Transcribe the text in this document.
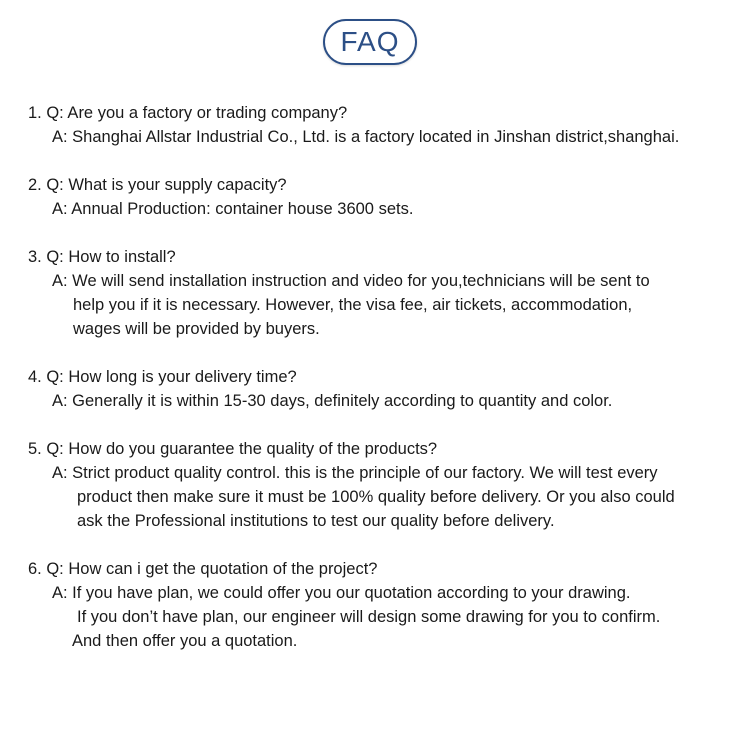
FAQ
1. Q: Are you a factory or trading company?
A: Shanghai Allstar Industrial Co., Ltd. is a factory located in Jinshan district,shanghai.
2. Q: What is your supply capacity?
A: Annual Production: container house 3600 sets.
3. Q: How to install?
A: We will send installation instruction and video for you,technicians will be sent to
help you if it is necessary. However, the visa fee, air tickets, accommodation,
wages will be provided by buyers.
4. Q: How long is your delivery time?
A: Generally it is within 15-30 days, definitely according to quantity and color.
5. Q: How do you guarantee the quality of the products?
A: Strict product quality control. this is the principle of our factory. We will test every
product then make sure it must be 100% quality before delivery. Or you also could
ask the Professional institutions to test our quality before delivery.
6. Q: How can i get the quotation of the project?
A: If you have plan, we could offer you our quotation according to your drawing.
If you don’t have plan, our engineer will design some drawing for you to confirm.
And then offer you a quotation.
